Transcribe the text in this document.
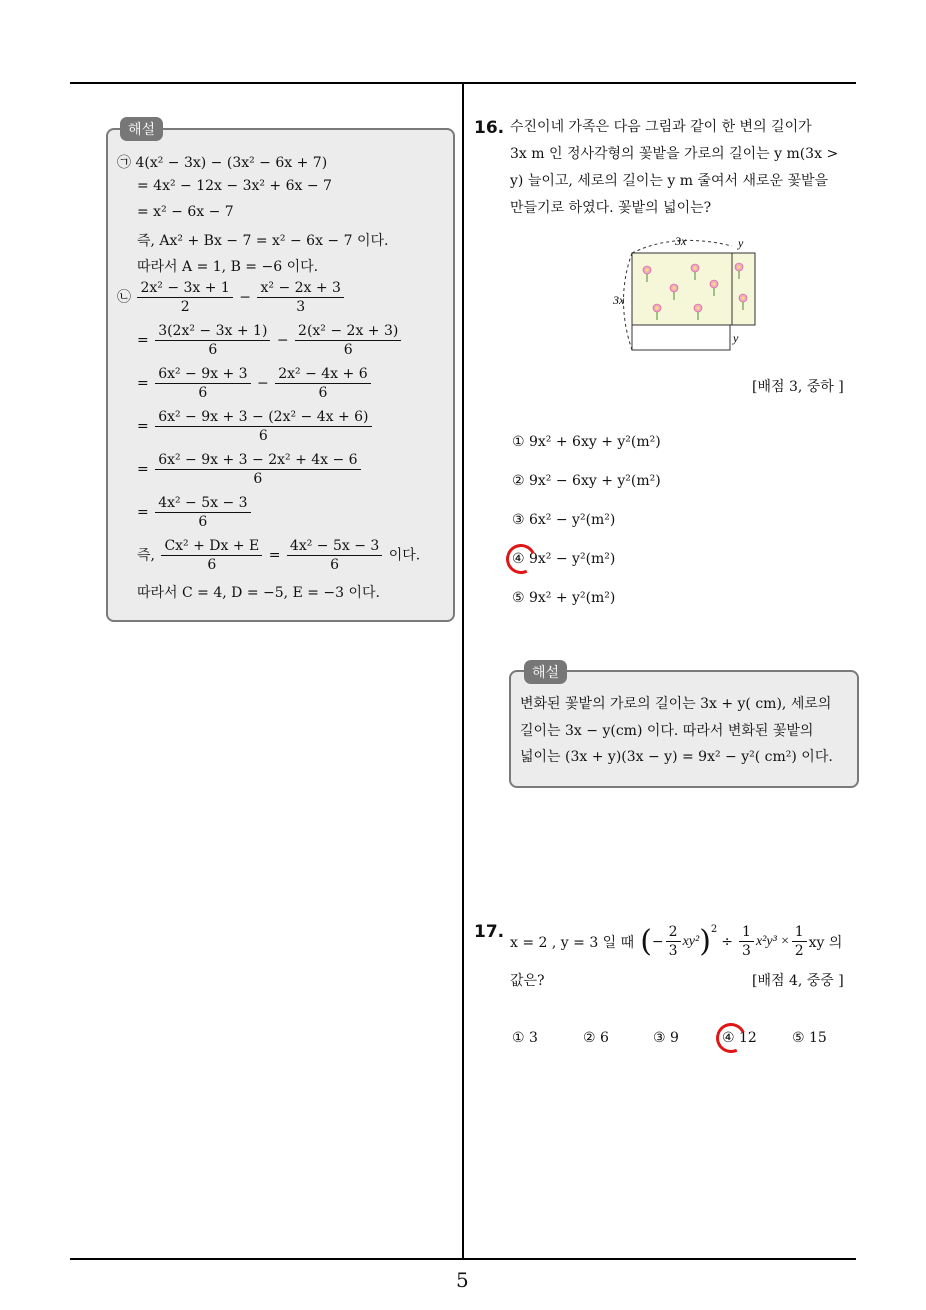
해설
㉠ 4(x² − 3x) − (3x² − 6x + 7)
= 4x² − 12x − 3x² + 6x − 7
= x² − 6x − 7
즉, Ax² + Bx − 7 = x² − 6x − 7 이다.
따라서 A = 1, B = −6 이다.
㉡ $\frac{\text{2x² − 3x + 1}}{2} - \frac{\text{x² − 2x + 3}}{3}$
= $\frac{\text{3(2x² − 3x + 1)}}{6} - \frac{\text{2(x² − 2x + 3)}}{6}$
= $\frac{\text{6x² − 9x + 3}}{6} - \frac{\text{2x² − 4x + 6}}{6}$
= $\frac{\text{6x² − 9x + 3 − (2x² − 4x + 6)}}{6}$
= $\frac{\text{6x² − 9x + 3 − 2x² + 4x − 6}}{6}$
= $\frac{\text{4x² − 5x − 3}}{6}$
즉, $\frac{\text{Cx² + Dx + E}}{6} = \frac{\text{4x² − 5x − 3}}{6}$ 이다.
따라서 C = 4, D = −5, E = −3 이다.
16. 수진이네 가족은 다음 그림과 같이 한 변의 길이가
3x m 인 정사각형의 꽃밭을 가로의 길이는 y m(3x >
y) 늘이고, 세로의 길이는 y m 줄여서 새로운 꽃밭을
만들기로 하였다. 꽃밭의 넓이는?
3x	y
3x
y
[배점 3, 중하 ]
① 9x² + 6xy + y²(m²)
② 9x² − 6xy + y²(m²)
③ 6x² − y²(m²)
④ 9x² − y²(m²)
⑤ 9x² + y²(m²)
해설
변화된 꽃밭의 가로의 길이는 3x + y( cm), 세로의
길이는 3x − y(cm) 이다. 따라서 변화된 꽃밭의
넓이는 (3x + y)(3x − y) = 9x² − y²( cm²) 이다.
17.
x = 2 , y = 3 일 때 ( − $\frac{2}{3} xy^2$ )$^2$
÷ $\frac{1}{3} x^2y^3 \times \frac{1}{2}$ xy 의
값은?	[배점 4, 중중 ]
① 3	② 6	③ 9	④ 12	⑤ 15
5
